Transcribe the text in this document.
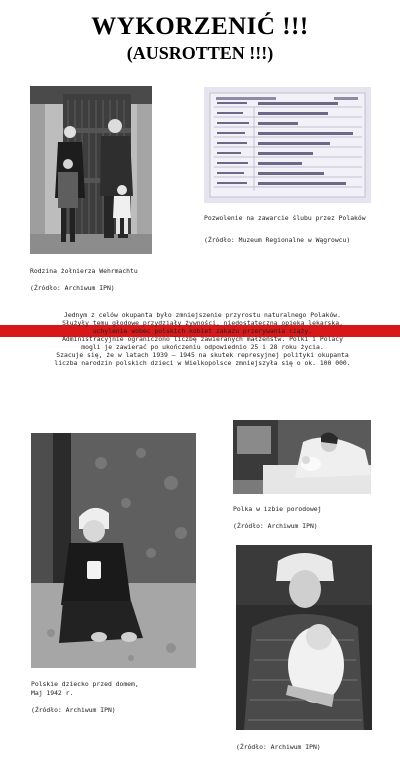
WYKORZENIĆ !!!
(AUSROTTEN !!!)
Rodzina żołnierza Wehrmachtu
(Źródło: Archiwum IPN)
Pozwolenie na zawarcie ślubu przez Polaków
(Źródło: Muzeum Regionalne w Wągrowcu)
Jednym z celów okupanta było zmniejszenie przyrostu naturalnego Polaków.
Służyły temu głodowe przydziały żywności, niedostateczna opieka lekarska,
uchylenie wobec polskich kobiet zakazu przerywania ciąży.
Administracyjnie ograniczono liczbę zawieranych małżeństw. Polki i Polacy
mogli je zawierać po ukończeniu odpowiednio 25 i 28 roku życia.
Szacuje się, że w latach 1939 – 1945 na skutek represyjnej polityki okupanta
liczba narodzin polskich dzieci w Wielkopolsce zmniejszyła się o ok. 100 000.
Polka w izbie porodowej
(Źródło: Archiwum IPN)
Polskie dziecko przed domem,
Maj 1942 r.
(Źródło: Archiwum IPN)
(Źródło: Archiwum IPN)
